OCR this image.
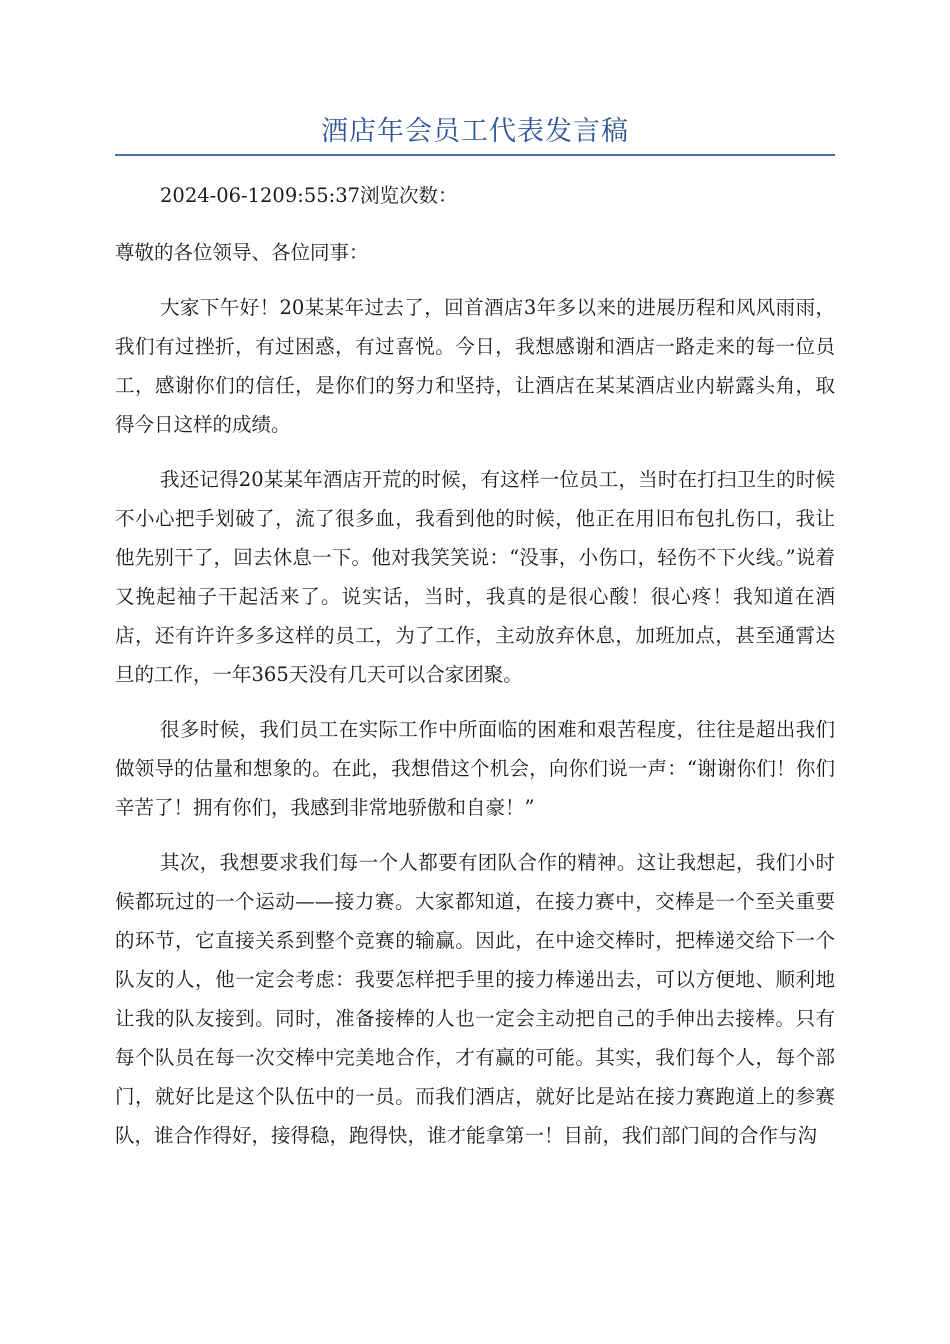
酒店年会员工代表发言稿

2024-06-1209:55:37浏览次数：

尊敬的各位领导、各位同事：

大家下午好！20某某年过去了，回首酒店3年多以来的进展历程和风风雨雨，我们有过挫折，有过困惑，有过喜悦。今日，我想感谢和酒店一路走来的每一位员工，感谢你们的信任，是你们的努力和坚持，让酒店在某某酒店业内崭露头角，取得今日这样的成绩。

我还记得20某某年酒店开荒的时候，有这样一位员工，当时在打扫卫生的时候不小心把手划破了，流了很多血，我看到他的时候，他正在用旧布包扎伤口，我让他先别干了，回去休息一下。他对我笑笑说：“没事，小伤口，轻伤不下火线。”说着又挽起袖子干起活来了。说实话，当时，我真的是很心酸！很心疼！我知道在酒店，还有许许多多这样的员工，为了工作，主动放弃休息，加班加点，甚至通霄达旦的工作，一年365天没有几天可以合家团聚。

很多时候，我们员工在实际工作中所面临的困难和艰苦程度，往往是超出我们做领导的估量和想象的。在此，我想借这个机会，向你们说一声：“谢谢你们！你们辛苦了！拥有你们，我感到非常地骄傲和自豪！”

其次，我想要求我们每一个人都要有团队合作的精神。这让我想起，我们小时候都玩过的一个运动——接力赛。大家都知道，在接力赛中，交棒是一个至关重要的环节，它直接关系到整个竞赛的输赢。因此，在中途交棒时，把棒递交给下一个队友的人，他一定会考虑：我要怎样把手里的接力棒递出去，可以方便地、顺利地让我的队友接到。同时，准备接棒的人也一定会主动把自己的手伸出去接棒。只有每个队员在每一次交棒中完美地合作，才有赢的可能。其实，我们每个人，每个部门，就好比是这个队伍中的一员。而我们酒店，就好比是站在接力赛跑道上的参赛队，谁合作得好，接得稳，跑得快，谁才能拿第一！目前，我们部门间的合作与沟
